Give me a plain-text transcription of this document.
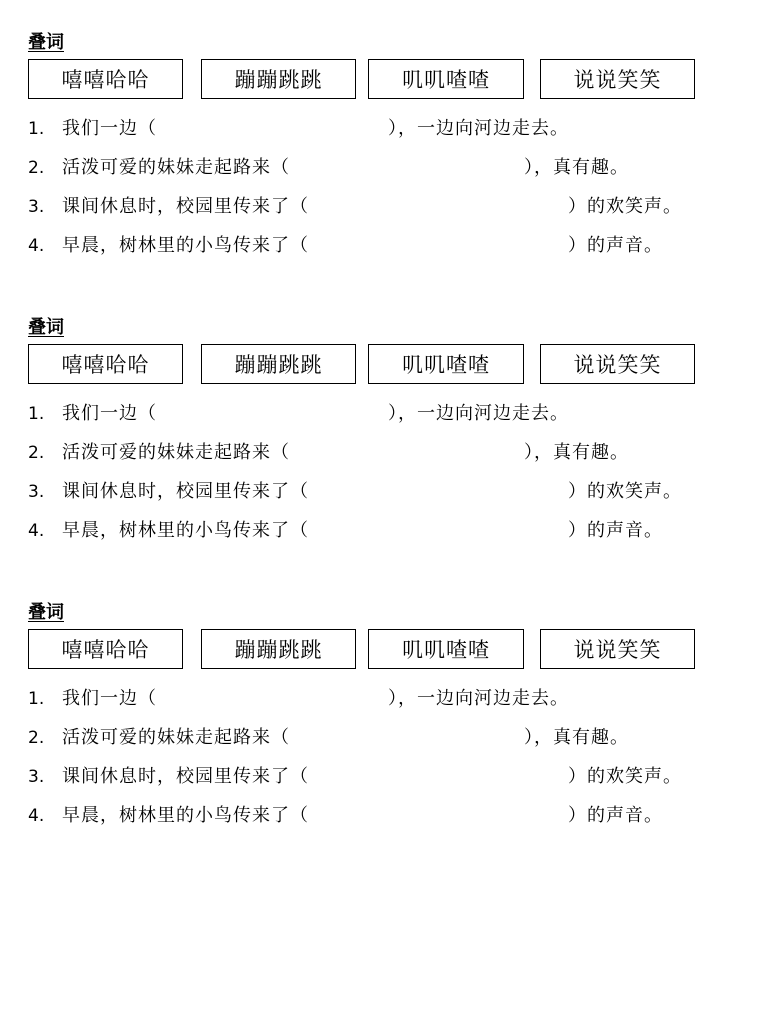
叠词
嘻嘻哈哈	蹦蹦跳跳	叽叽喳喳	说说笑笑
1. 我们一边（	），一边向河边走去。
2. 活泼可爱的妹妹走起路来（	），真有趣。
3. 课间休息时，校园里传来了（	）的欢笑声。
4. 早晨，树林里的小鸟传来了（	）的声音。
叠词
嘻嘻哈哈	蹦蹦跳跳	叽叽喳喳	说说笑笑
1. 我们一边（	），一边向河边走去。
2. 活泼可爱的妹妹走起路来（	），真有趣。
3. 课间休息时，校园里传来了（	）的欢笑声。
4. 早晨，树林里的小鸟传来了（	）的声音。
叠词
嘻嘻哈哈	蹦蹦跳跳	叽叽喳喳	说说笑笑
1. 我们一边（	），一边向河边走去。
2. 活泼可爱的妹妹走起路来（	），真有趣。
3. 课间休息时，校园里传来了（	）的欢笑声。
4. 早晨，树林里的小鸟传来了（	）的声音。
